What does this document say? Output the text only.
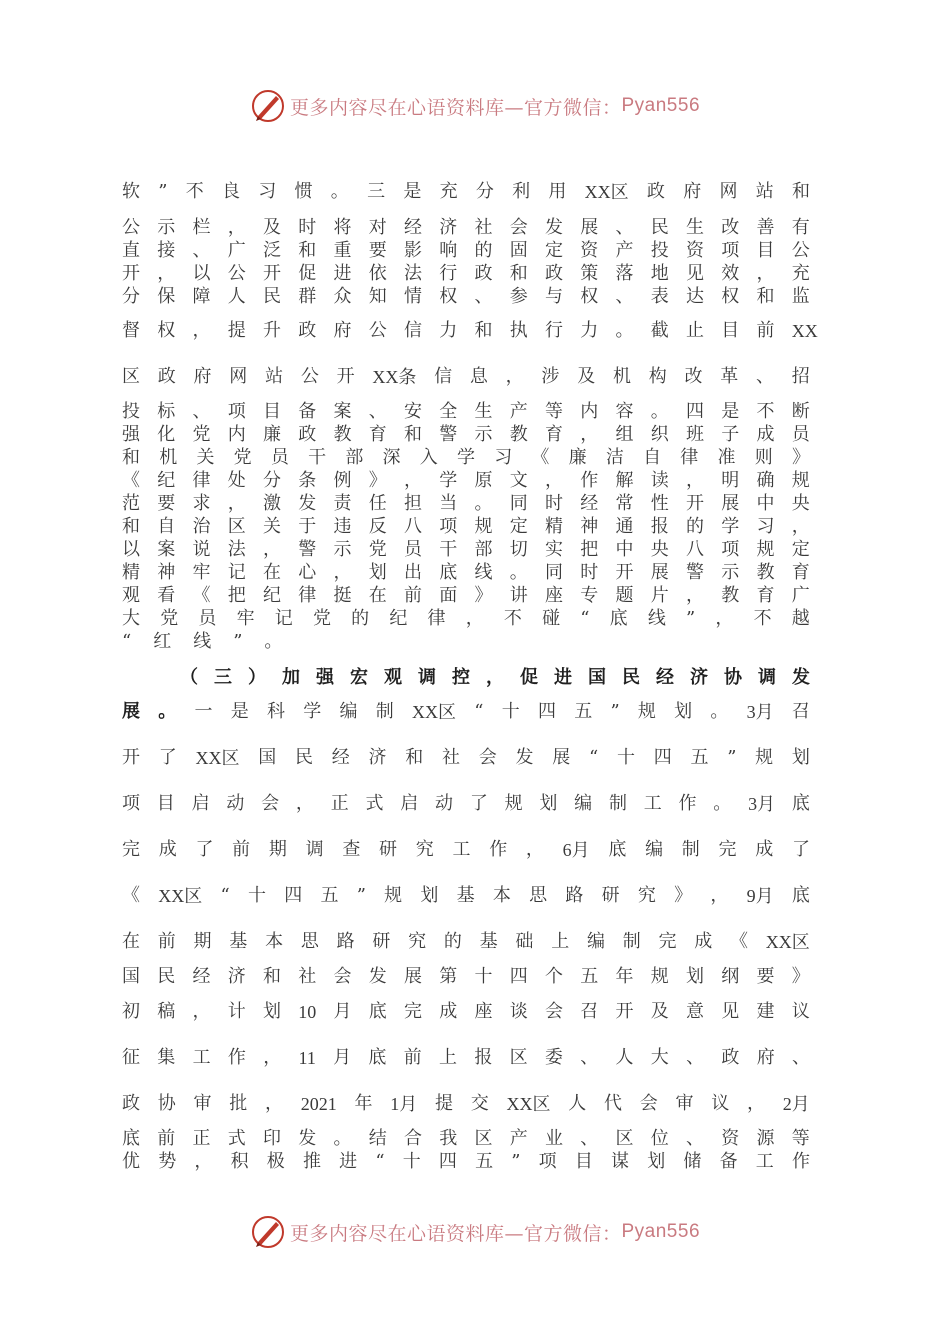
更多内容尽在心语资料库—官方微信： Pyan556
软 ” 不 良 习 惯 。 三 是 充 分 利 用 XX区 政 府 网 站 和
公 示 栏 ， 及 时 将 对 经 济 社 会 发 展 、 民 生 改 善 有
直 接 、 广 泛 和 重 要 影 响 的 固 定 资 产 投 资 项 目 公
开 ， 以 公 开 促 进 依 法 行 政 和 政 策 落 地 见 效 ， 充
分 保 障 人 民 群 众 知 情 权 、 参 与 权 、 表 达 权 和 监
督 权 ， 提 升 政 府 公 信 力 和 执 行 力 。 截 止 目 前 XX
区 政 府 网 站 公 开 XX条 信 息 ， 涉 及 机 构 改 革 、 招
投 标 、 项 目 备 案 、 安 全 生 产 等 内 容 。 四 是 不 断
强 化 党 内 廉 政 教 育 和 警 示 教 育 ， 组 织 班 子 成 员
和 机 关 党 员 干 部 深 入 学 习 《 廉 洁 自 律 准 则 》
《 纪 律 处 分 条 例 》 ， 学 原 文 ， 作 解 读 ， 明 确 规
范 要 求 ， 激 发 责 任 担 当 。 同 时 经 常 性 开 展 中 央
和 自 治 区 关 于 违 反 八 项 规 定 精 神 通 报 的 学 习 ，
以 案 说 法 ， 警 示 党 员 干 部 切 实 把 中 央 八 项 规 定
精 神 牢 记 在 心 ， 划 出 底 线 。 同 时 开 展 警 示 教 育
观 看 《 把 纪 律 挺 在 前 面 》 讲 座 专 题 片 ， 教 育 广
大 党 员 牢 记 党 的 纪 律 ， 不 碰 “ 底 线 ” ， 不 越
“ 红 线 ” 。
（ 三 ） 加 强 宏 观 调 控 ， 促 进 国 民 经 济 协 调 发
展 。 一 是 科 学 编 制 XX区 “ 十 四 五 ” 规 划 。 3月 召
开 了 XX区 国 民 经 济 和 社 会 发 展 “ 十 四 五 ” 规 划
项 目 启 动 会 ， 正 式 启 动 了 规 划 编 制 工 作 。 3月 底
完 成 了 前 期 调 查 研 究 工 作 ， 6月 底 编 制 完 成 了
《 XX区 “ 十 四 五 ” 规 划 基 本 思 路 研 究 》 ， 9月 底
在 前 期 基 本 思 路 研 究 的 基 础 上 编 制 完 成 《 XX区
国 民 经 济 和 社 会 发 展 第 十 四 个 五 年 规 划 纲 要 》
初 稿 ， 计 划 10 月 底 完 成 座 谈 会 召 开 及 意 见 建 议
征 集 工 作 ， 11 月 底 前 上 报 区 委 、 人 大 、 政 府 、
政 协 审 批 ， 2021 年 1月 提 交 XX区 人 代 会 审 议 ， 2月
底 前 正 式 印 发 。 结 合 我 区 产 业 、 区 位 、 资 源 等
优 势 ， 积 极 推 进 “ 十 四 五 ” 项 目 谋 划 储 备 工 作
更多内容尽在心语资料库—官方微信： Pyan556
